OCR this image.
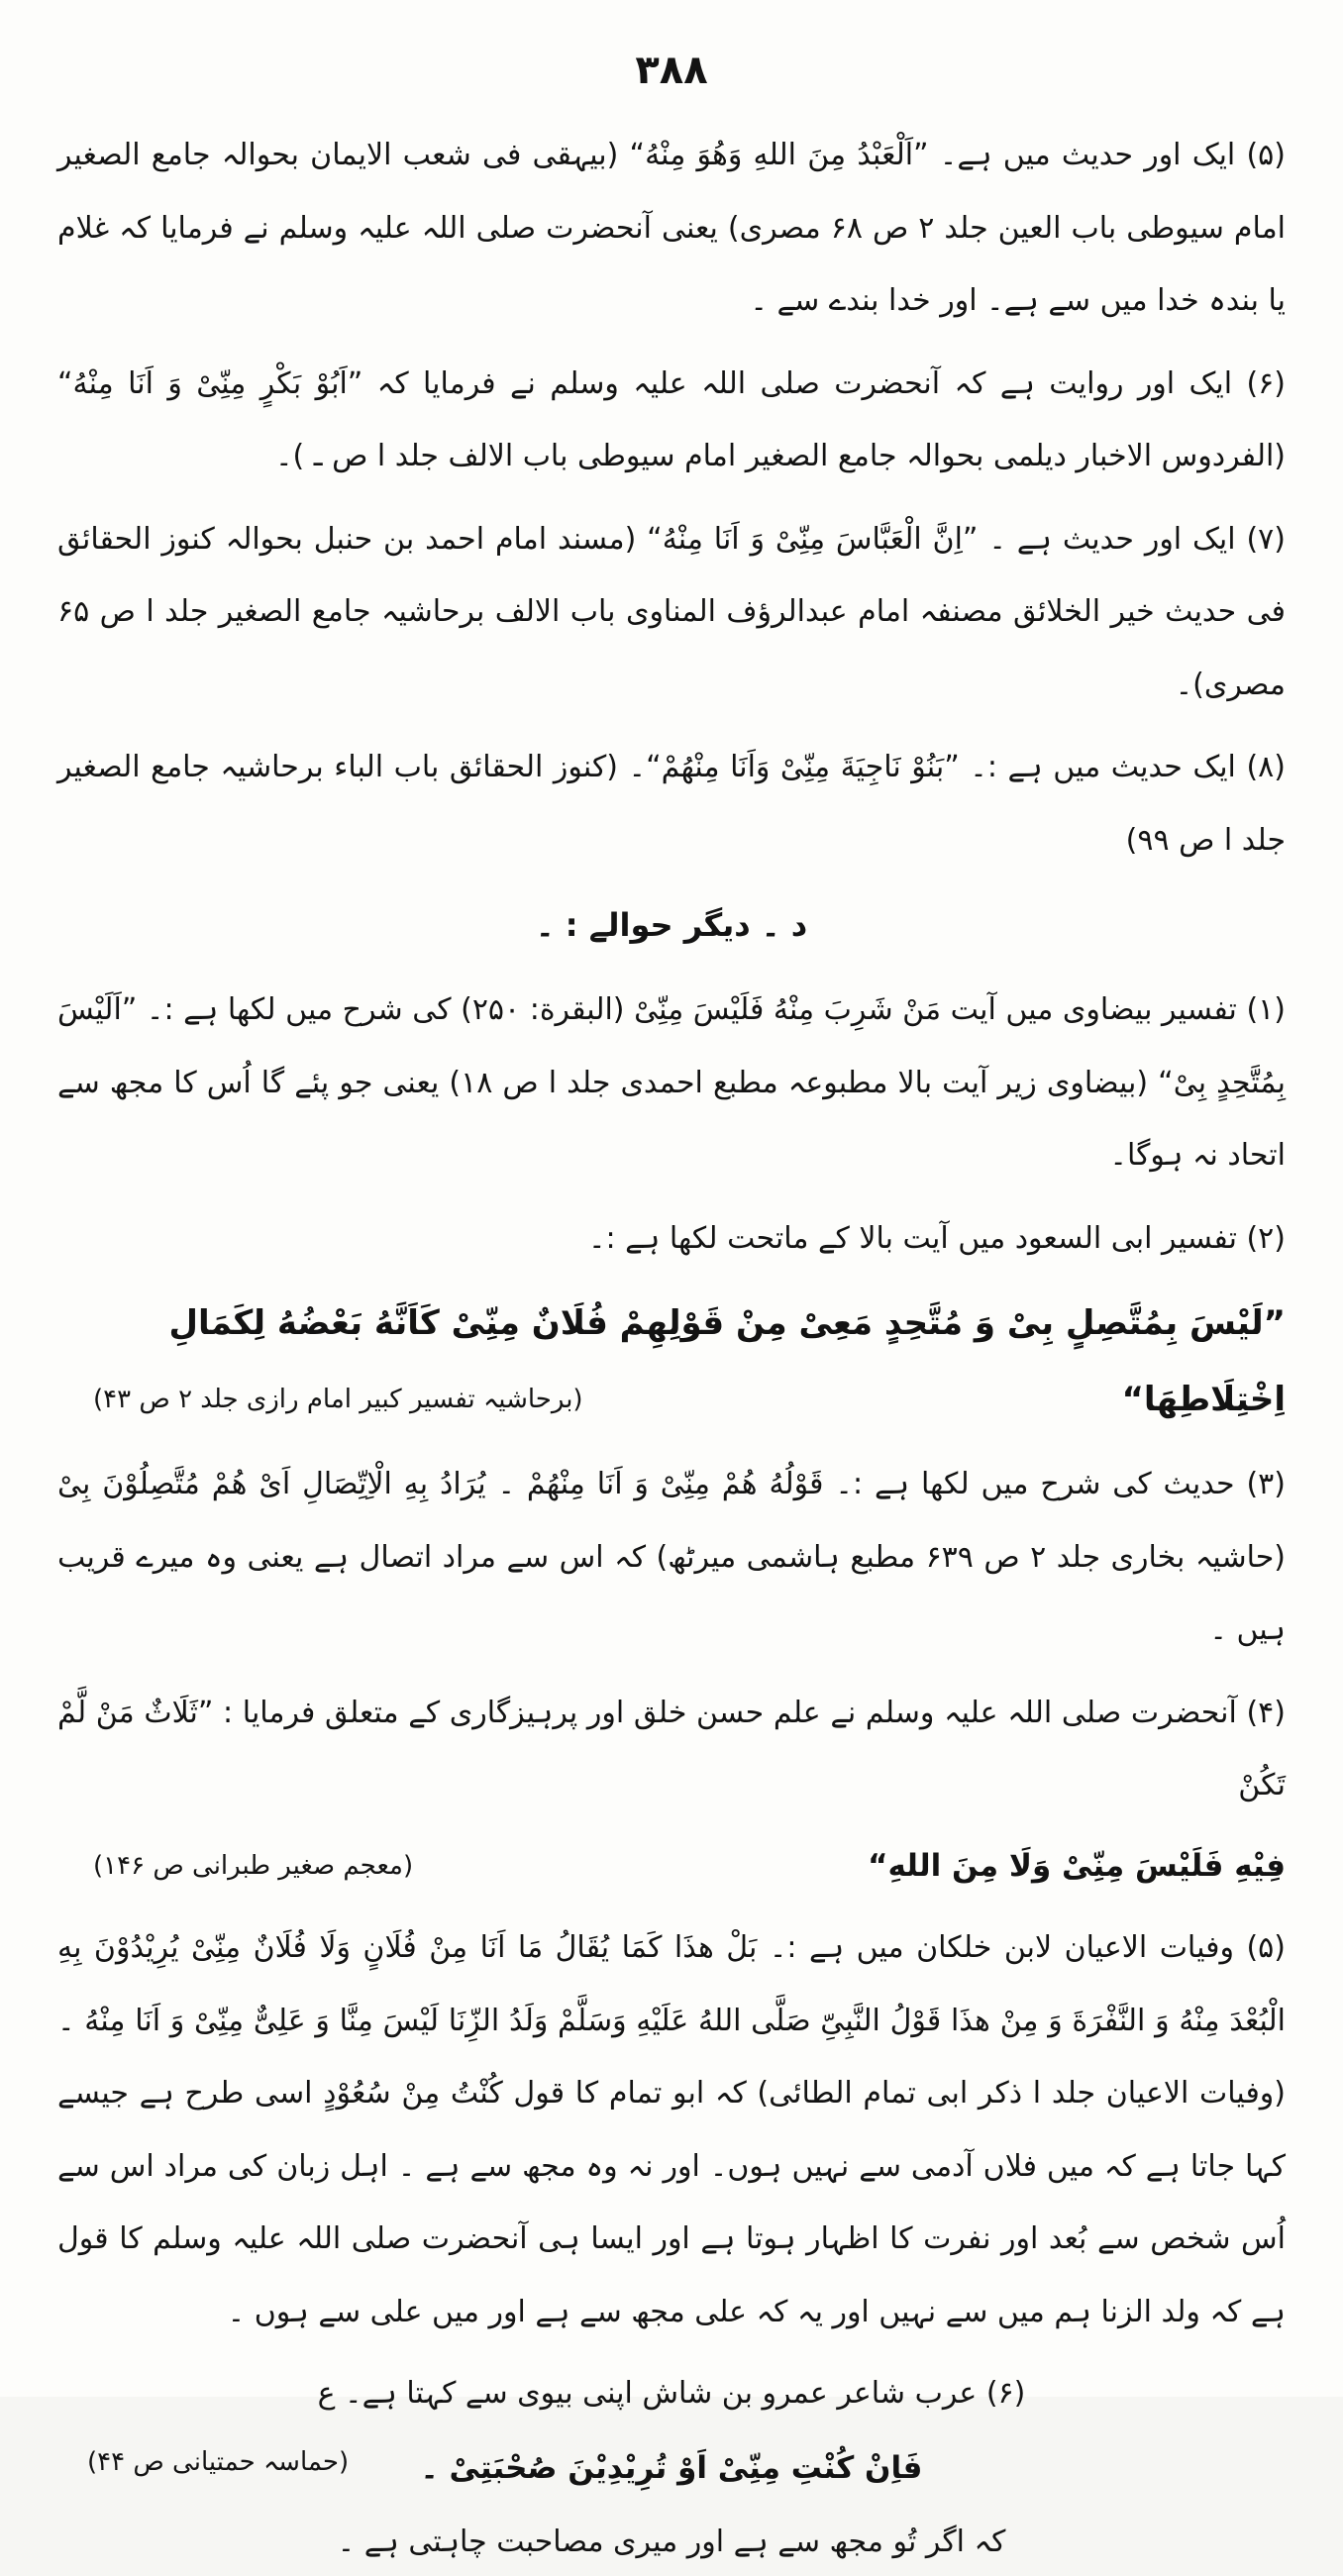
۳۸۸

(۵) ایک اور حدیث میں ہے۔ ”اَلْعَبْدُ مِنَ اللهِ وَهُوَ مِنْهُ“ (بیہقی فی شعب الایمان بحوالہ جامع الصغیر امام سیوطی باب العین جلد ۲ ص ۶۸ مصری) یعنی آنحضرت صلی اللہ علیہ وسلم نے فرمایا کہ غلام یا بندہ خدا میں سے ہے۔ اور خدا بندے سے ۔

(۶) ایک اور روایت ہے کہ آنحضرت صلی اللہ علیہ وسلم نے فرمایا کہ ”اَبُوْ بَکْرٍ مِنِّیْ وَ اَنَا مِنْهُ“ (الفردوس الاخبار دیلمی بحوالہ جامع الصغیر امام سیوطی باب الالف جلد ا ص ـ )۔

(۷) ایک اور حدیث ہے ۔ ”اِنَّ الْعَبَّاسَ مِنِّیْ وَ اَنَا مِنْهُ“ (مسند امام احمد بن حنبل بحوالہ کنوز الحقائق فی حدیث خیر الخلائق مصنفہ امام عبدالرؤف المناوی باب الالف برحاشیہ جامع الصغیر جلد ا ص ۶۵ مصری)۔

(۸) ایک حدیث میں ہے :۔ ”بَنُوْ نَاجِیَةَ مِنِّیْ وَاَنَا مِنْهُمْ“۔ (کنوز الحقائق باب الباء برحاشیہ جامع الصغیر جلد ا ص ۹۹)

د ۔ دیگر حوالے : ۔

(۱) تفسیر بیضاوی میں آیت مَنْ شَرِبَ مِنْهُ فَلَیْسَ مِنِّیْ (البقرة: ۲۵۰) کی شرح میں لکھا ہے :۔ ”اَلَیْسَ بِمُتَّحِدٍ بِیْ“ (بیضاوی زیر آیت بالا مطبوعہ مطبع احمدی جلد ا ص ۱۸) یعنی جو پئے گا اُس کا مجھ سے اتحاد نہ ہوگا۔

(۲) تفسیر ابی السعود میں آیت بالا کے ماتحت لکھا ہے :۔

”لَیْسَ بِمُتَّصِلٍ بِیْ وَ مُتَّحِدٍ مَعِیْ مِنْ قَوْلِهِمْ فُلَانٌ مِنِّیْ کَاَنَّهُ بَعْضُهُ لِکَمَالِ

اِخْتِلَاطِهَا“
(برحاشیہ تفسیر کبیر امام رازی جلد ۲ ص ۴۳)

(۳) حدیث کی شرح میں لکھا ہے :۔ قَوْلُهُ هُمْ مِنِّیْ وَ اَنَا مِنْهُمْ ۔ یُرَادُ بِهِ الْاِتِّصَالِ اَیْ هُمْ مُتَّصِلُوْنَ بِیْ (حاشیہ بخاری جلد ۲ ص ۶۳۹ مطبع ہاشمی میرٹھ) کہ اس سے مراد اتصال ہے یعنی وہ میرے قریب ہیں ۔

(۴) آنحضرت صلی اللہ علیہ وسلم نے علم حسن خلق اور پرہیزگاری کے متعلق فرمایا : ”ثَلَاثٌ مَنْ لَّمْ تَکُنْ

فِیْهِ فَلَیْسَ مِنِّیْ وَلَا مِنَ اللهِ“
(معجم صغیر طبرانی ص ۱۴۶)

(۵) وفیات الاعیان لابن خلکان میں ہے :۔ بَلْ هذَا کَمَا یُقَالُ مَا اَنَا مِنْ فُلَانٍ وَلَا فُلَانٌ مِنِّیْ یُرِیْدُوْنَ بِهِ الْبُعْدَ مِنْهُ وَ النَّفْرَةَ وَ مِنْ هذَا قَوْلُ النَّبِیِّ صَلَّی اللهُ عَلَیْهِ وَسَلَّمْ وَلَدُ الزِّنَا لَیْسَ مِنَّا وَ عَلِیٌّ مِنِّیْ وَ اَنَا مِنْهُ ۔ (وفیات الاعیان جلد ا ذکر ابی تمام الطائی) کہ ابو تمام کا قول کُنْتُ مِنْ سُعُوْدٍ اسی طرح ہے جیسے کہا جاتا ہے کہ میں فلاں آدمی سے نہیں ہوں۔ اور نہ وہ مجھ سے ہے ۔ اہل زبان کی مراد اس سے اُس شخص سے بُعد اور نفرت کا اظہار ہوتا ہے اور ایسا ہی آنحضرت صلی اللہ علیہ وسلم کا قول ہے کہ ولد الزنا ہم میں سے نہیں اور یہ کہ علی مجھ سے ہے اور میں علی سے ہوں ۔

(۶) عرب شاعر عمرو بن شاش اپنی بیوی سے کہتا ہے۔ ع

فَاِنْ کُنْتِ مِنِّیْ اَوْ تُرِیْدِیْنَ صُحْبَتِیْ ۔
(حماسہ حمتیانی ص ۴۴)
کہ اگر تُو مجھ سے ہے اور میری مصاحبت چاہتی ہے ۔
